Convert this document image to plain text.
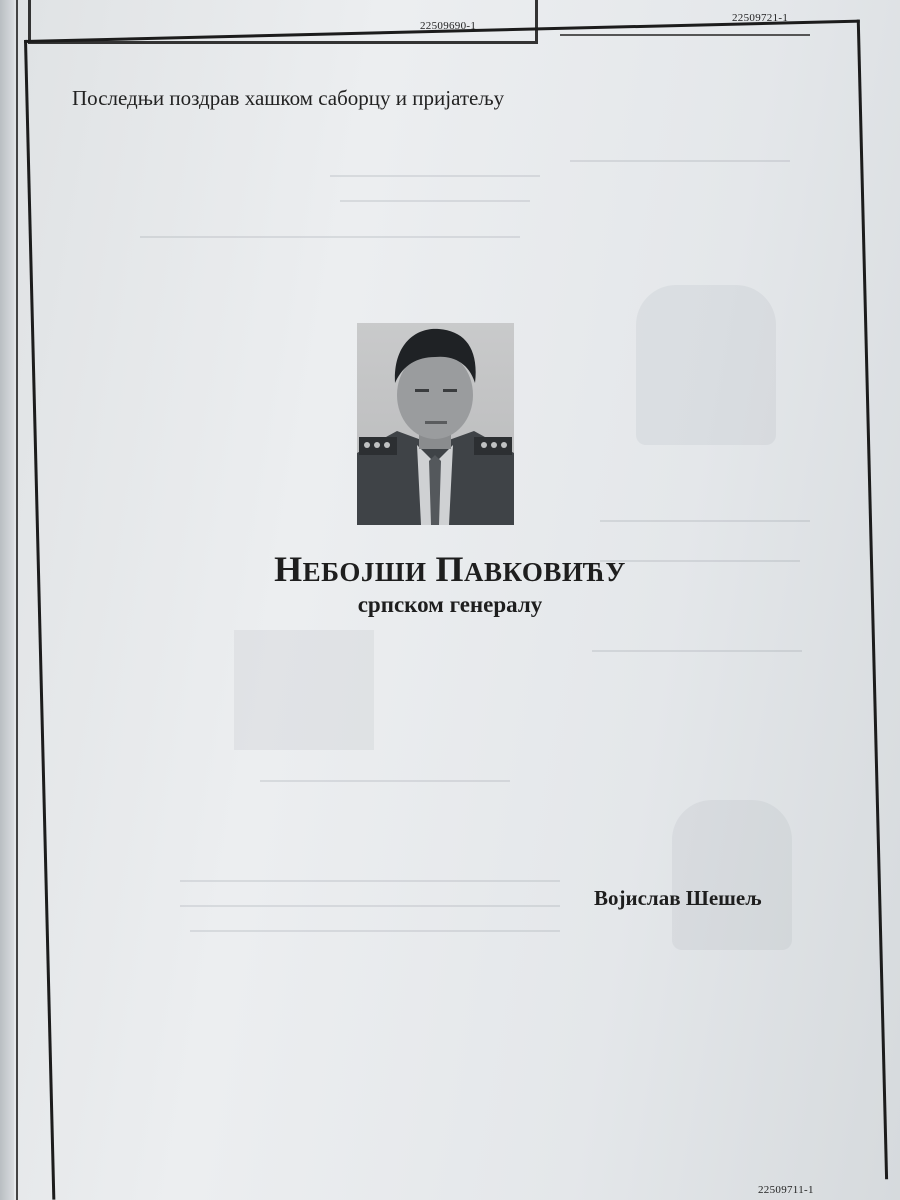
22509690-1
22509721-1
22509711-1
Последњи поздрав хашком саборцу и пријатељу
НЕБОЈШИ ПАВКОВИЋУ
српском генералу
Војислав Шешељ
